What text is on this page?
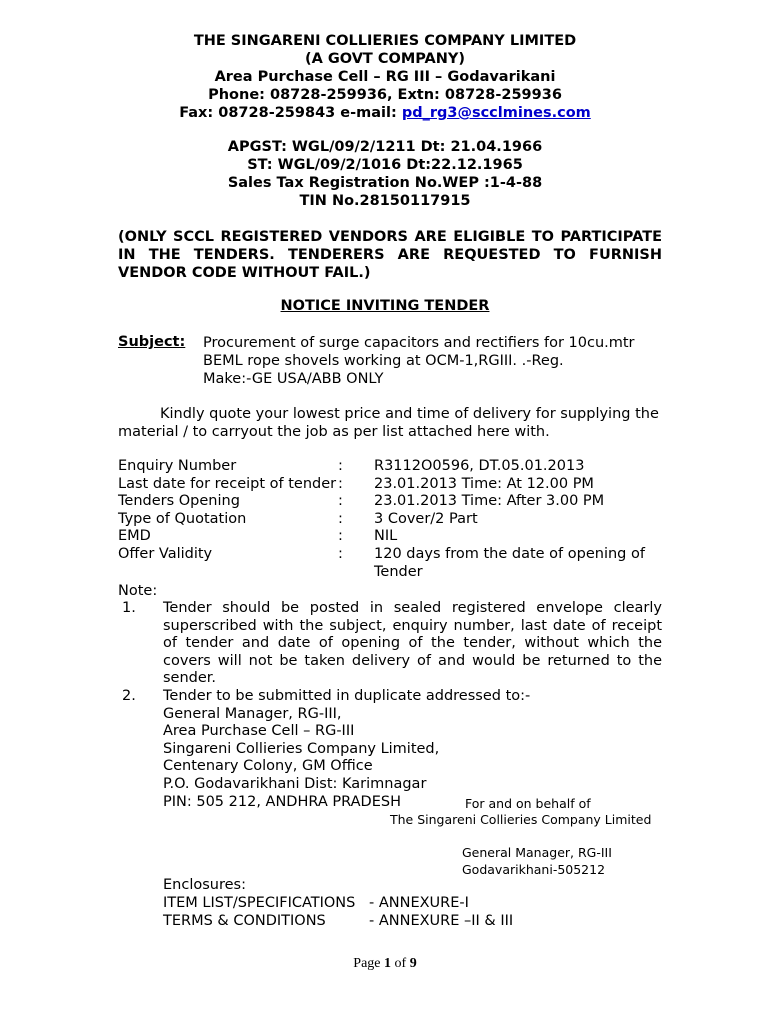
THE SINGARENI COLLIERIES COMPANY LIMITED
(A GOVT COMPANY)
Area Purchase Cell – RG III – Godavarikani
Phone: 08728-259936, Extn: 08728-259936
Fax: 08728-259843 e-mail: pd_rg3@scclmines.com
APGST: WGL/09/2/1211 Dt: 21.04.1966
ST: WGL/09/2/1016 Dt:22.12.1965
Sales Tax Registration No.WEP :1-4-88
TIN No.28150117915
(ONLY SCCL REGISTERED VENDORS ARE ELIGIBLE TO PARTICIPATE IN THE TENDERS. TENDERERS ARE REQUESTED TO FURNISH VENDOR CODE WITHOUT FAIL.)
NOTICE INVITING TENDER
Subject: Procurement of surge capacitors and rectifiers for 10cu.mtr
BEML rope shovels working at OCM-1,RGIII. .-Reg.
Make:-GE USA/ABB ONLY
Kindly quote your lowest price and time of delivery for supplying the material / to carryout the job as per list attached here with.
Enquiry Number	: R3112O0596, DT.05.01.2013
Last date for receipt of tender : 23.01.2013 Time: At 12.00 PM
Tenders Opening	: 23.01.2013 Time: After 3.00 PM
Type of Quotation	: 3 Cover/2 Part
EMD	: NIL
Offer Validity	: 120 days from the date of opening of Tender
Note:
1.	Tender should be posted in sealed registered envelope clearly superscribed with the subject, enquiry number, last date of receipt of tender and date of opening of the tender, without which the covers will not be taken delivery of and would be returned to the sender.
2.	Tender to be submitted in duplicate addressed to:-
General Manager, RG-III,
Area Purchase Cell – RG-III
Singareni Collieries Company Limited,
Centenary Colony, GM Office
P.O. Godavarikhani Dist: Karimnagar
PIN: 505 212, ANDHRA PRADESH	For and on behalf of
The Singareni Collieries Company Limited
General Manager, RG-III
Godavarikhani-505212
Enclosures:
ITEM LIST/SPECIFICATIONS - ANNEXURE-I
TERMS & CONDITIONS	- ANNEXURE –II & III
Page 1 of 9
